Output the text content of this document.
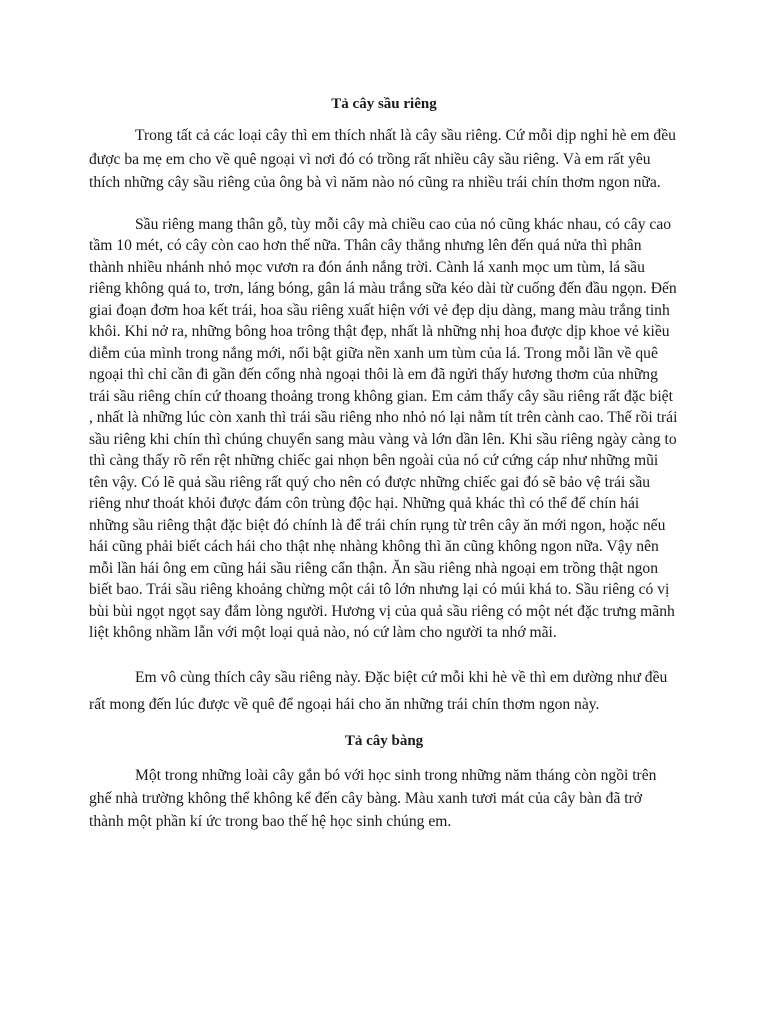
Tả cây sầu riêng

Trong tất cả các loại cây thì em thích nhất là cây sầu riêng. Cứ mỗi dịp nghỉ hè em đều được ba mẹ em cho về quê ngoại vì nơi đó có trồng rất nhiều cây sầu riêng. Và em rất yêu thích những cây sầu riêng của ông bà vì năm nào nó cũng ra nhiều trái chín thơm ngon nữa.

Sầu riêng mang thân gỗ, tùy mỗi cây mà chiều cao của nó cũng khác nhau, có cây cao tầm 10 mét, có cây còn cao hơn thế nữa. Thân cây thẳng nhưng lên đến quá nửa thì phân thành nhiều nhánh nhỏ mọc vươn ra đón ánh nắng trời. Cành lá xanh mọc um tùm, lá sầu riêng không quá to, trơn, láng bóng, gân lá màu trắng sữa kéo dài từ cuống đến đầu ngọn. Đến giai đoạn đơm hoa kết trái, hoa sầu riêng xuất hiện với vẻ đẹp dịu dàng, mang màu trắng tinh khôi. Khi nở ra, những bông hoa trông thật đẹp, nhất là những nhị hoa được dịp khoe vẻ kiều diễm của mình trong nắng mới, nổi bật giữa nền xanh um tùm của lá. Trong mỗi lần về quê ngoại thì chỉ cần đi gần đến cổng nhà ngoại thôi là em đã ngửi thấy hương thơm của những trái sầu riêng chín cứ thoang thoảng trong không gian. Em cảm thấy cây sầu riêng rất đặc biệt , nhất là những lúc còn xanh thì trái sầu riêng nho nhỏ nó lại nằm tít trên cành cao. Thế rồi trái sầu riêng khi chín thì chúng chuyển sang màu vàng và lớn dần lên. Khi sầu riêng ngày càng to thì càng thấy rõ rển rệt những chiếc gai nhọn bên ngoài của nó cứ cứng cáp như những mũi tên vậy. Có lẽ quả sầu riêng rất quý cho nên có được những chiếc gai đó sẽ bảo vệ trái sầu riêng như thoát khỏi được đám côn trùng độc hại. Những quả khác thì có thể để chín hái những sầu riêng thật đặc biệt đó chính là để trái chín rụng từ trên cây ăn mới ngon, hoặc nếu hái cũng phải biết cách hái cho thật nhẹ nhàng không thì ăn cũng không ngon nữa. Vậy nên mỗi lần hái ông em cũng hái sầu riêng cẩn thận. Ăn sầu riêng nhà ngoại em trồng thật ngon biết bao. Trái sầu riêng khoảng chừng một cái tô lớn nhưng lại có múi khá to. Sầu riêng có vị bùi bùi ngọt ngọt say đắm lòng người. Hương vị của quả sầu riêng có một nét đặc trưng mãnh liệt không nhầm lẫn với một loại quả nào, nó cứ làm cho người ta nhớ mãi.

Em vô cùng thích cây sầu riêng này. Đặc biệt cứ mỗi khi hè về thì em dường như đều rất mong đến lúc được về quê để ngoại hái cho ăn những trái chín thơm ngon này.

Tả cây bàng

Một trong những loài cây gắn bó với học sinh trong những năm tháng còn ngồi trên ghế nhà trường không thể không kể đến cây bàng. Màu xanh tươi mát của cây bàn đã trở thành một phần kí ức trong bao thế hệ học sinh chúng em.
